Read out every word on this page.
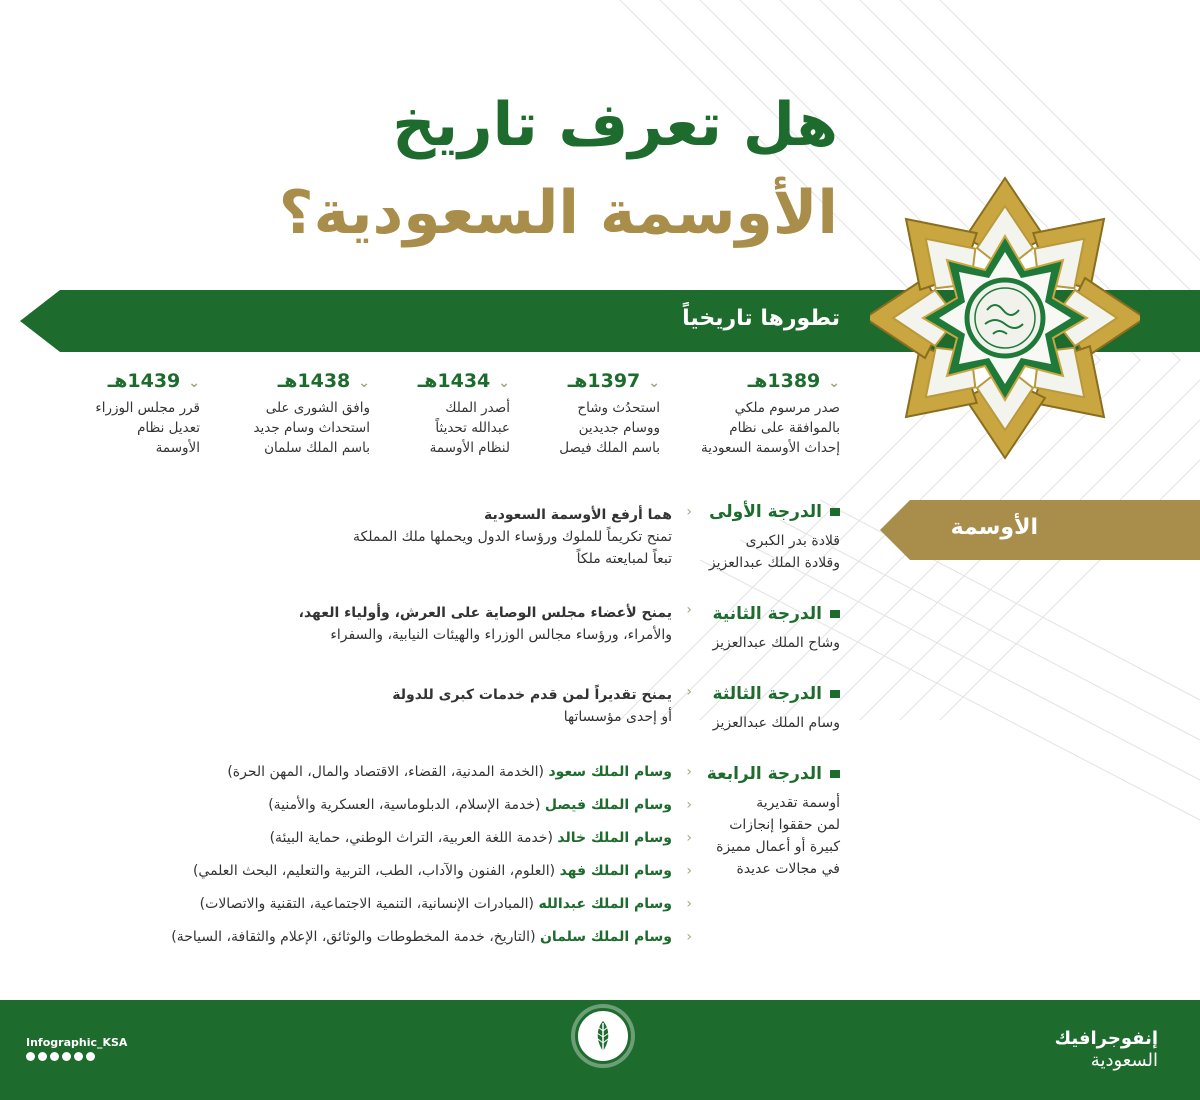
هل تعرف تاريخ
الأوسمة السعودية؟
تطورها تاريخياً
⌄1389هـ
صدر مرسوم ملكي
بالموافقة على نظام
إحداث الأوسمة السعودية
⌄1397هـ
استحدُث وشاح
ووسام جديدين
باسم الملك فيصل
⌄1434هـ
أصدر الملك
عبدالله تحديثاً
لنظام الأوسمة
⌄1438هـ
وافق الشورى على
استحداث وسام جديد
باسم الملك سلمان
⌄1439هـ
قرر مجلس الوزراء
تعديل نظام
الأوسمة
الأوسمة
الدرجة الأولى
قلادة بدر الكبرى
وقلادة الملك عبدالعزيز
‹
هما أرفع الأوسمة السعودية
تمنح تكريماً للملوك ورؤساء الدول ويحملها ملك المملكة
تبعاً لمبايعته ملكاً
الدرجة الثانية
وشاح الملك عبدالعزيز
‹
يمنح لأعضاء مجلس الوصاية على العرش، وأولياء العهد،
والأمراء، ورؤساء مجالس الوزراء والهيئات النيابية، والسفراء
الدرجة الثالثة
وسام الملك عبدالعزيز
‹
يمنح تقديراً لمن قدم خدمات كبرى للدولة
أو إحدى مؤسساتها
الدرجة الرابعة
أوسمة تقديرية
لمن حققوا إنجازات
كبيرة أو أعمال مميزة
في مجالات عديدة
‹
وسام الملك سعود (الخدمة المدنية، القضاء، الاقتصاد والمال، المهن الحرة)
‹
وسام الملك فيصل (خدمة الإسلام، الدبلوماسية، العسكرية والأمنية)
‹
وسام الملك خالد (خدمة اللغة العربية، التراث الوطني، حماية البيئة)
‹
وسام الملك فهد (العلوم، الفنون والآداب، الطب، التربية والتعليم، البحث العلمي)
‹
وسام الملك عبدالله (المبادرات الإنسانية، التنمية الاجتماعية، التقنية والاتصالات)
‹
وسام الملك سلمان (التاريخ، خدمة المخطوطات والوثائق، الإعلام والثقافة، السياحة)
إنفوجرافيك
السعودية
Infographic_KSA
